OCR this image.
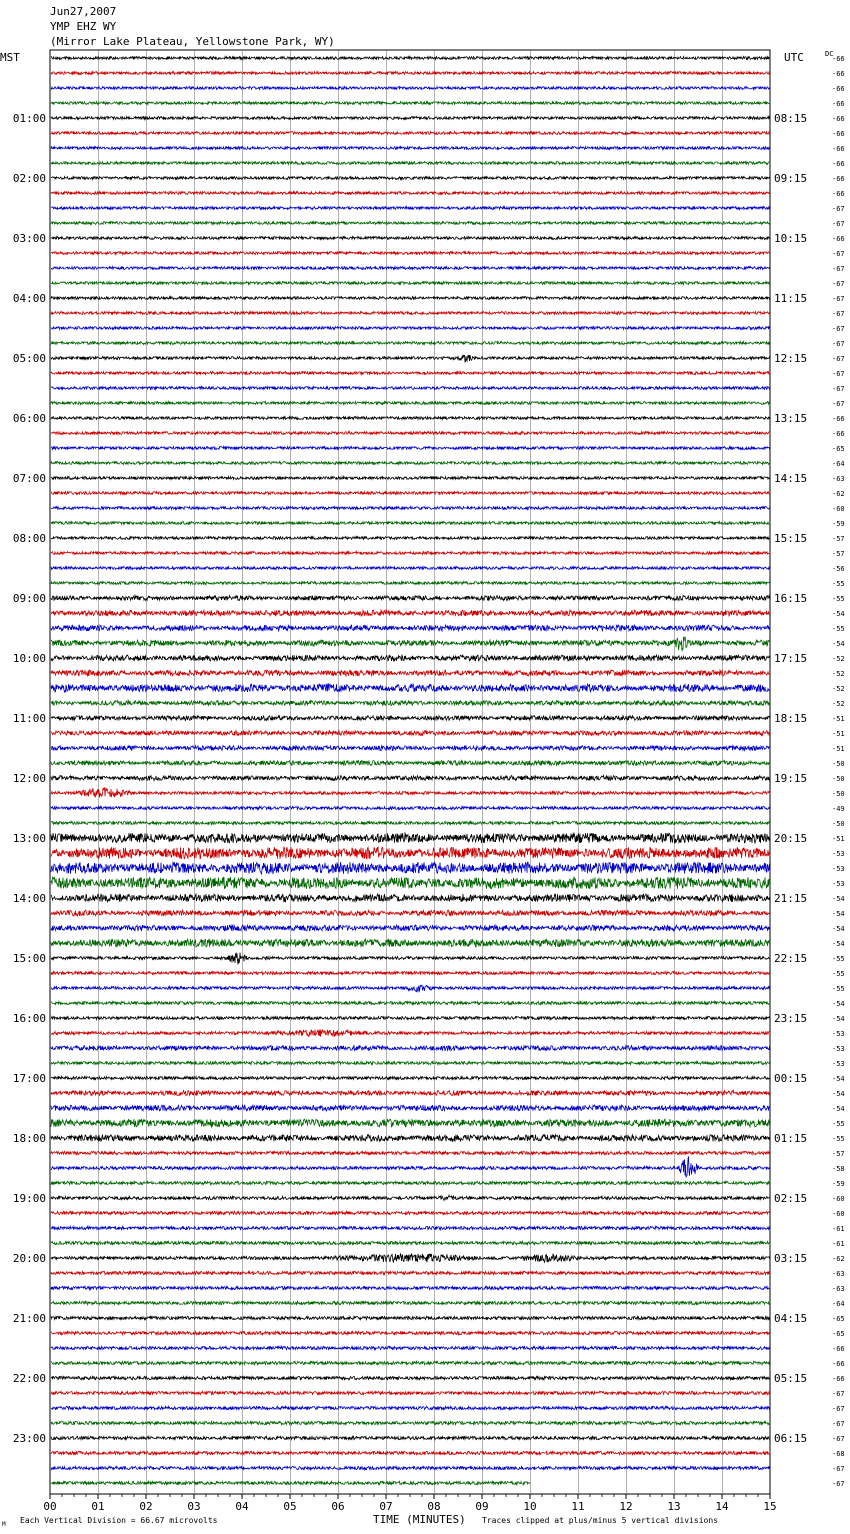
Jun27,2007
YMP EHZ WY
(Mirror Lake Plateau, Yellowstone Park, WY)
MST	UTC	DC
01:00
02:00
03:00
04:00
05:00
06:00
07:00
08:00
09:00
10:00
11:00
12:00
13:00
14:00
15:00
16:00
17:00
18:00
19:00
20:00
21:00
22:00
23:00
08:15
09:15
10:15
11:15
12:15
13:15
14:15
15:15
16:15
17:15
18:15
19:15
20:15
21:15
22:15
23:15
00:15
01:15
02:15
03:15
04:15
05:15
06:15
-66
-66
-66
-66
-66
-66
-66
-66
-66
-66
-67
-67
-66
-67
-67
-67
-67
-67
-67
-67
-67
-67
-67
-67
-66
-66
-65
-64
-63
-62
-60
-59
-57
-57
-56
-55
-55
-54
-55
-54
-52
-52
-52
-52
-51
-51
-51
-50
-50
-50
-49
-50
-51
-53
-53
-53
-54
-54
-54
-54
-55
-55
-55
-54
-54
-53
-53
-53
-54
-54
-54
-55
-55
-57
-58
-59
-60
-60
-61
-61
-62
-63
-63
-64
-65
-65
-66
-66
-66
-67
-67
-67
-67
-68
-67
-67
00	01	02	03	04	05	06	07	08	09	10	11	12	13	14	15
Μ Each Vertical Division = 66.67 microvolts	TIME (MINUTES) Traces clipped at plus/minus 5 vertical divisions
